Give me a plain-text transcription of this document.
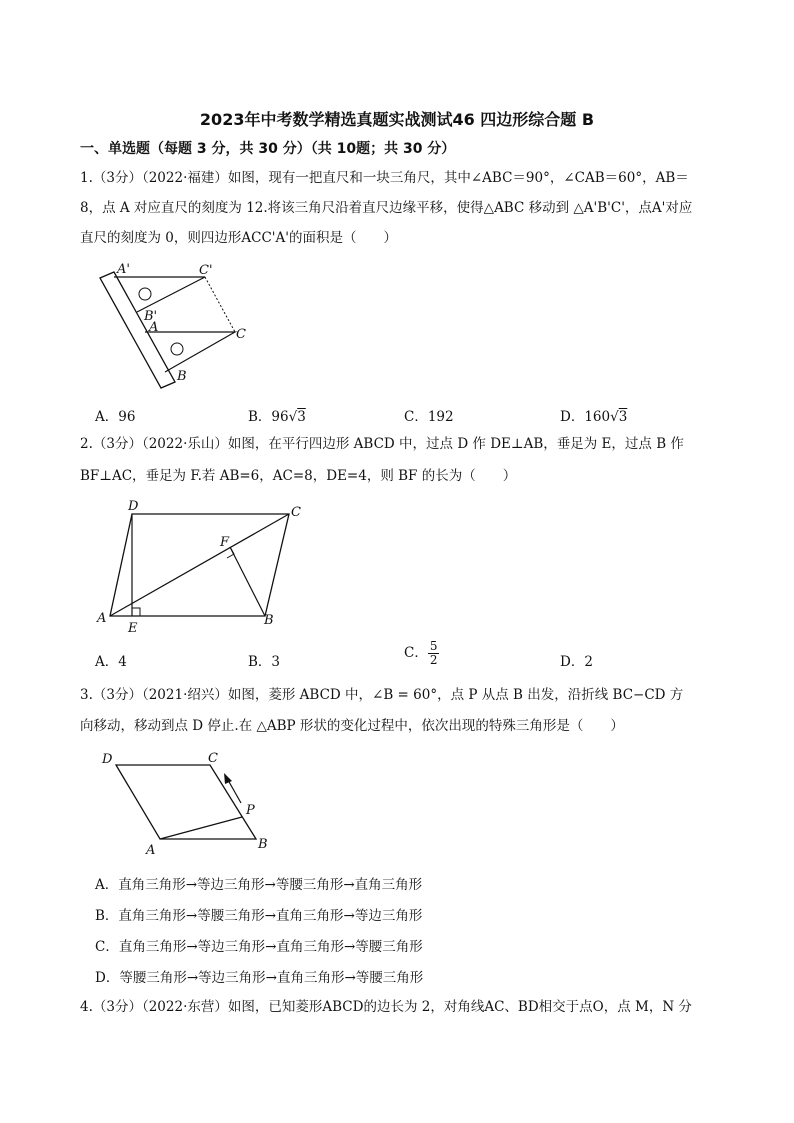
2023年中考数学精选真题实战测试46 四边形综合题 B
一、单选题（每题 3 分，共 30 分）（共 10题；共 30 分）
1.（3分）（2022·福建）如图，现有一把直尺和一块三角尺，其中∠ABC＝90°，∠CAB＝60°，AB＝
8，点 A 对应直尺的刻度为 12.将该三角尺沿着直尺边缘平移，使得△ABC 移动到 △A'B'C'，点A'对应
直尺的刻度为 0，则四边形ACC'A'的面积是（　　）
A'	C'
B'
A	C
B
A．96	B．96√3	C．192	D．160√3
2.（3分）（2022·乐山）如图，在平行四边形 ABCD 中，过点 D 作 DE⊥AB，垂足为 E，过点 B 作
BF⊥AC，垂足为 F.若 AB=6，AC=8，DE=4，则 BF 的长为（　　）
D	C
F
A
E
B
A．4	B．3
C． $\frac{5}{2}$	D．2
3.（3分）（2021·绍兴）如图，菱形 ABCD 中，∠B = 60°，点 P 从点 B 出发，沿折线 BC−CD 方
向移动，移动到点 D 停止.在 △ABP 形状的变化过程中，依次出现的特殊三角形是（　　）
D	C
P
A	B
A．直角三角形→等边三角形→等腰三角形→直角三角形
B．直角三角形→等腰三角形→直角三角形→等边三角形
C．直角三角形→等边三角形→直角三角形→等腰三角形
D．等腰三角形→等边三角形→直角三角形→等腰三角形
4.（3分）（2022·东营）如图，已知菱形ABCD的边长为 2，对角线AC、BD相交于点O，点 M，N 分
